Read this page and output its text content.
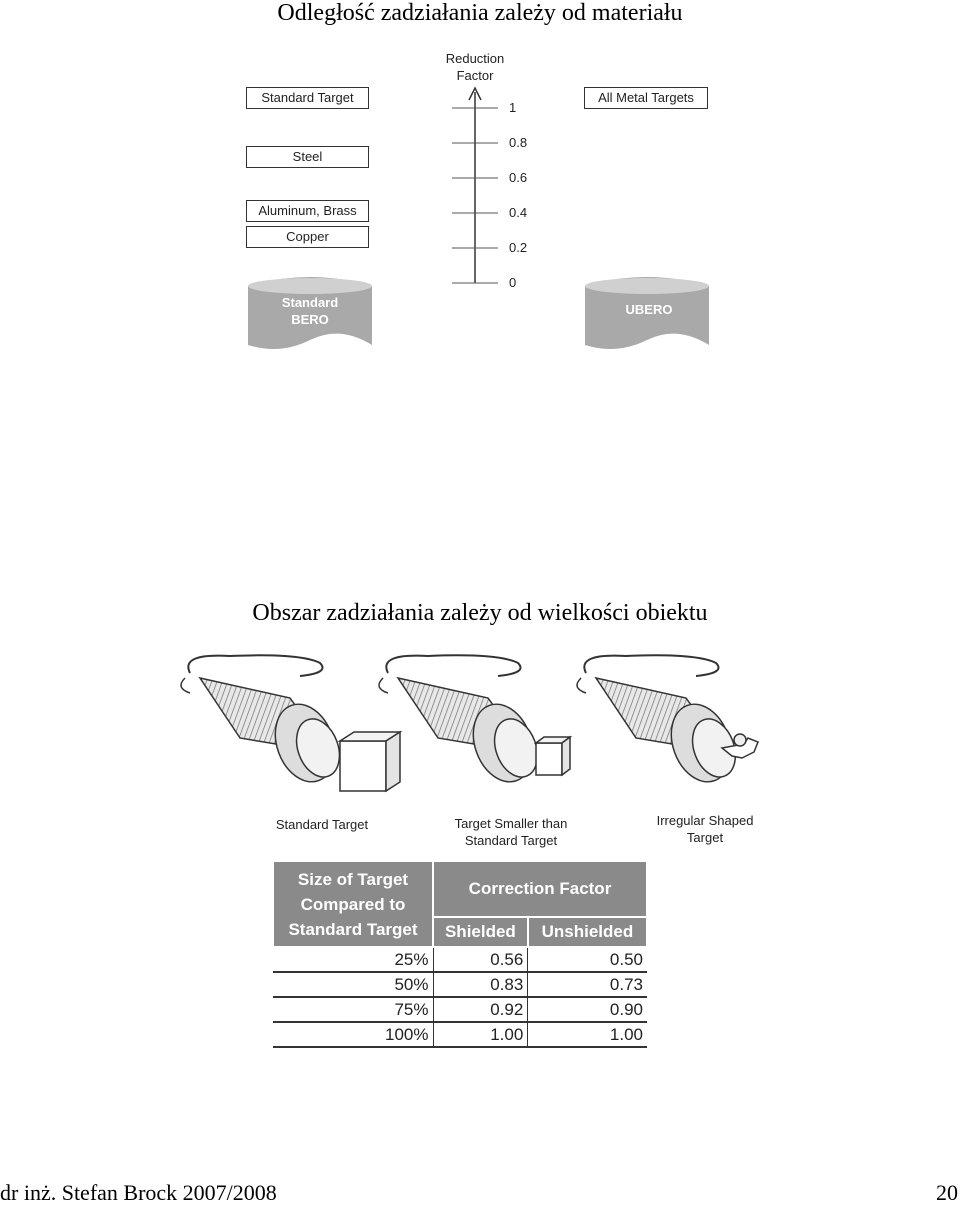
Odległość zadziałania zależy od materiału
Reduction
Factor
Standard
BERO
UBERO
1
0.8
0.6
0.4
0.2
0
Standard Target
Steel
Aluminum, Brass
Copper
All Metal Targets
Obszar zadziałania zależy od wielkości obiektu
Standard Target	Target Smaller than
Standard Target
Irregular Shaped
Target
Size of Target
Compared to
Standard Target	Correction Factor	
	Shielded	Unshielded
25%	0.56	0.50
50%	0.83	0.73
75%	0.92	0.90
100%	1.00	1.00
dr inż. Stefan Brock 2007/2008	20
